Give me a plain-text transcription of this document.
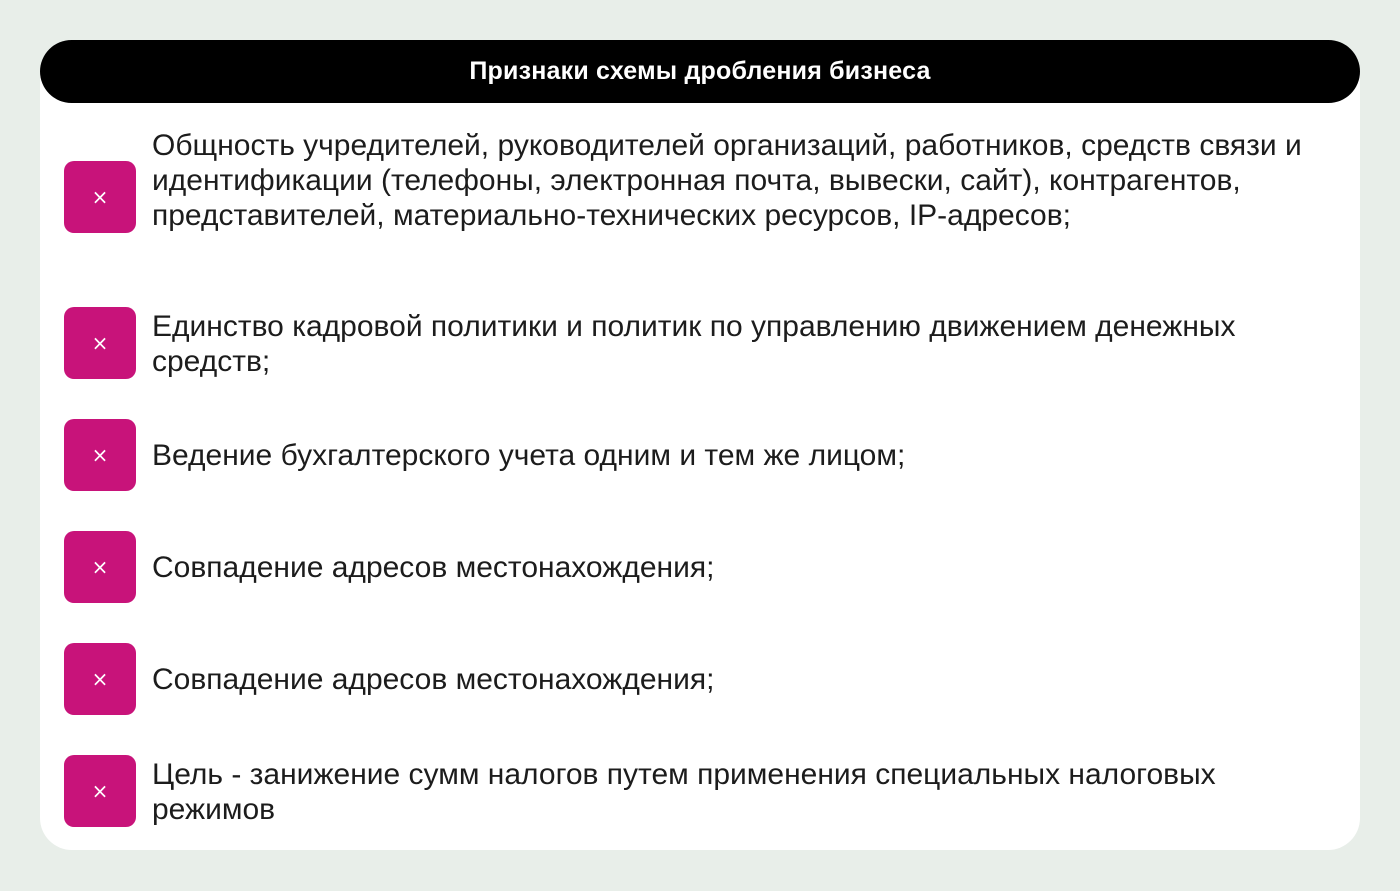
Признаки схемы дробления бизнеса
×
Общность учредителей, руководителей организаций, работников, средств связи и идентификации (телефоны, электронная почта, вывески, сайт), контрагентов, представителей, материально-технических ресурсов, IP-адресов;
× Единство кадровой политики и политик по управлению движением денежных средств;
× Ведение бухгалтерского учета одним и тем же лицом;
× Совпадение адресов местонахождения;
× Совпадение адресов местонахождения;
× Цель - занижение сумм налогов путем применения специальных налоговых режимов
